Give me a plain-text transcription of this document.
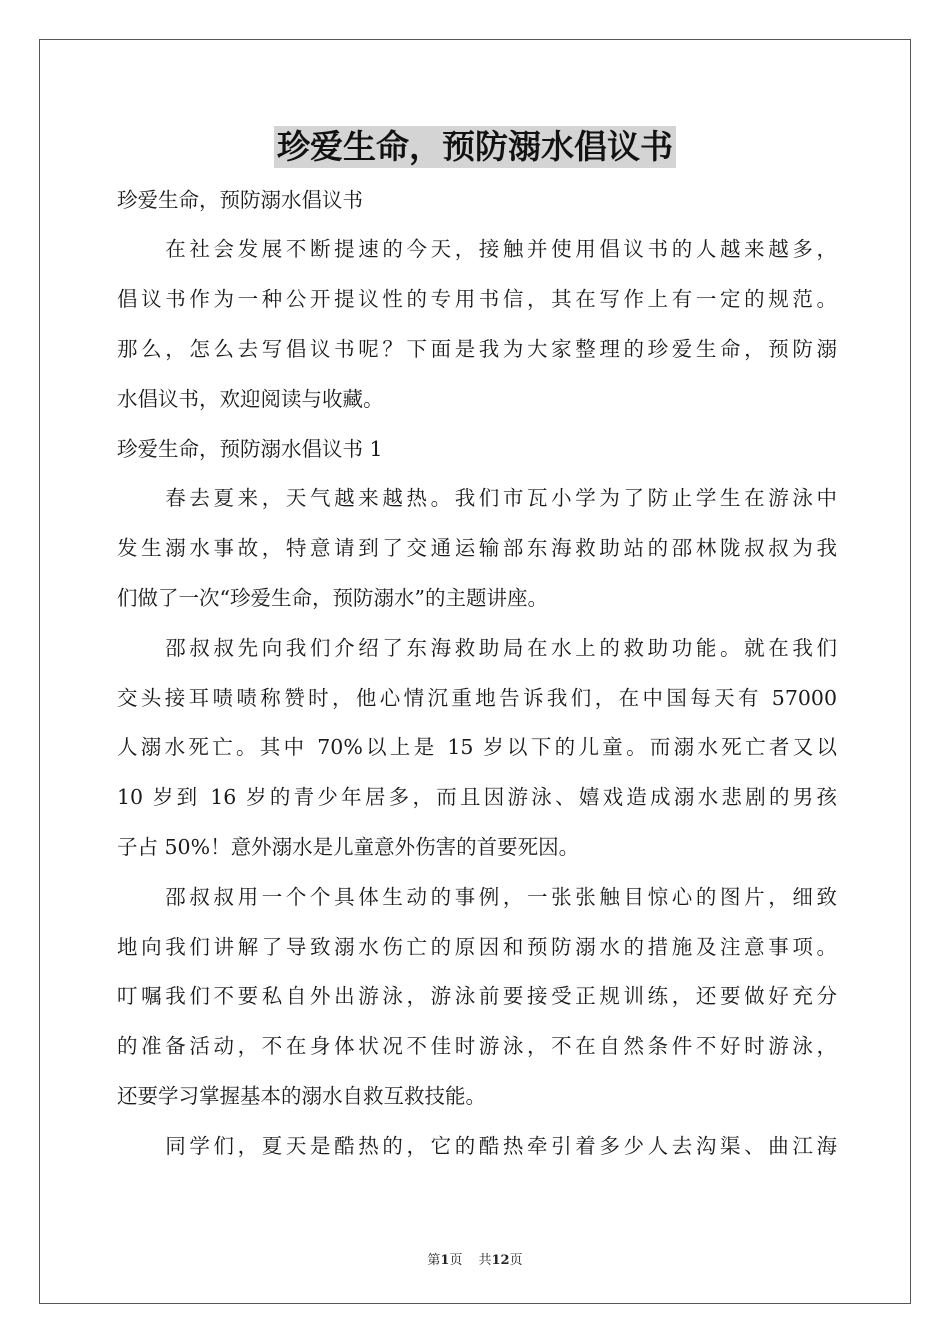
珍爱生命，预防溺水倡议书

珍爱生命，预防溺水倡议书

　　在社会发展不断提速的今天，接触并使用倡议书的人越来越多，

倡议书作为一种公开提议性的专用书信，其在写作上有一定的规范。

那么，怎么去写倡议书呢？下面是我为大家整理的珍爱生命，预防溺

水倡议书，欢迎阅读与收藏。

珍爱生命，预防溺水倡议书 1

　　春去夏来，天气越来越热。我们市瓦小学为了防止学生在游泳中

发生溺水事故，特意请到了交通运输部东海救助站的邵林陇叔叔为我

们做了一次“珍爱生命，预防溺水”的主题讲座。

　　邵叔叔先向我们介绍了东海救助局在水上的救助功能。就在我们

交头接耳啧啧称赞时，他心情沉重地告诉我们，在中国每天有 57000

人溺水死亡。其中 70%以上是 15 岁以下的儿童。而溺水死亡者又以

10 岁到 16 岁的青少年居多，而且因游泳、嬉戏造成溺水悲剧的男孩

子占 50%！意外溺水是儿童意外伤害的首要死因。

　　邵叔叔用一个个具体生动的事例，一张张触目惊心的图片，细致

地向我们讲解了导致溺水伤亡的原因和预防溺水的措施及注意事项。

叮嘱我们不要私自外出游泳，游泳前要接受正规训练，还要做好充分

的准备活动，不在身体状况不佳时游泳，不在自然条件不好时游泳，

还要学习掌握基本的溺水自救互救技能。

　　同学们，夏天是酷热的，它的酷热牵引着多少人去沟渠、曲江海

第1页 共12页
